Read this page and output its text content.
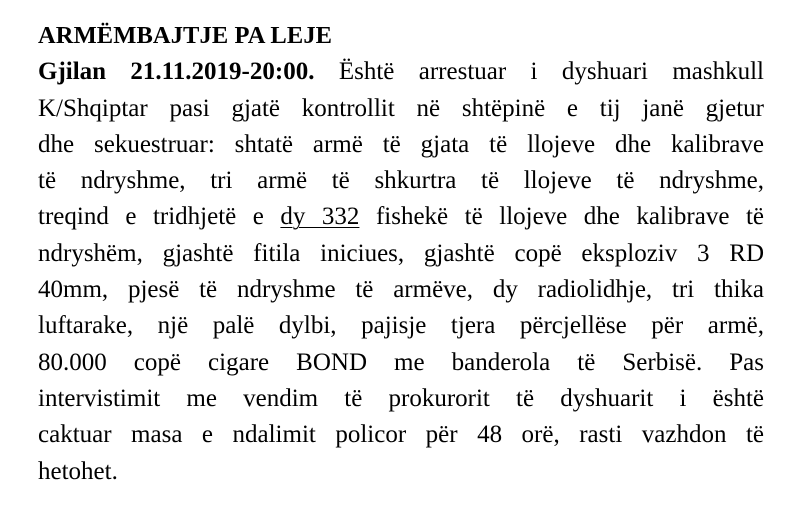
ARMËMBAJTJE PA LEJE
Gjilan 21.11.2019-20:00. Është arrestuar i dyshuari mashkull
K/Shqiptar pasi gjatë kontrollit në shtëpinë e tij janë gjetur
dhe sekuestruar: shtatë armë të gjata të llojeve dhe kalibrave
të ndryshme, tri armë të shkurtra të llojeve të ndryshme,
treqind e tridhjetë e dy 332 fishekë të llojeve dhe kalibrave të
ndryshëm, gjashtë fitila iniciues, gjashtë copë eksploziv 3 RD
40mm, pjesë të ndryshme të armëve, dy radiolidhje, tri thika
luftarake, një palë dylbi, pajisje tjera përcjellëse për armë,
80.000 copë cigare BOND me banderola të Serbisë. Pas
intervistimit me vendim të prokurorit të dyshuarit i është
caktuar masa e ndalimit policor për 48 orë, rasti vazhdon të
hetohet.
